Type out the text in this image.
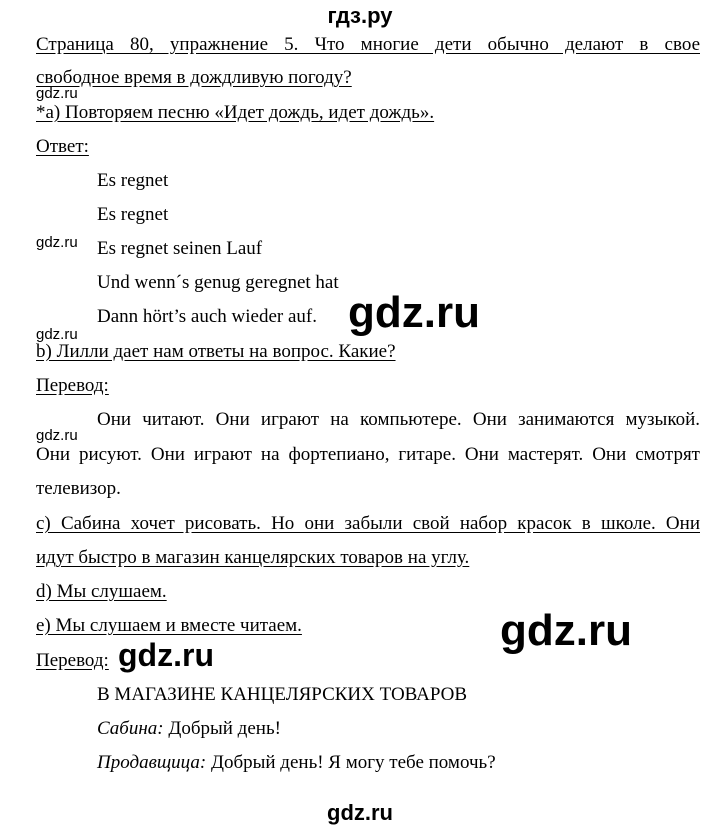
гдз.ру
Страница 80, упражнение 5. Что многие дети обычно делают в свое
свободное время в дождливую погоду?
gdz.ru
*a) Повторяем песню «Идет дождь, идет дождь».
Ответ:
Es regnet
Es regnet
gdz.ru Es regnet seinen Lauf
Und wenn´s genug geregnet hat
Dann hört’s auch wieder auf. gdz.ru
gdz.ru
b) Лилли дает нам ответы на вопрос. Какие?
Перевод:
Они читают. Они играют на компьютере. Они занимаются музыкой.
gdz.ru
Они рисуют. Они играют на фортепиано, гитаре. Они мастерят. Они смотрят
телевизор.
c) Сабина хочет рисовать. Но они забыли свой набор красок в школе. Они
идут быстро в магазин канцелярских товаров на углу.
d) Мы слушаем.
e) Мы слушаем и вместе читаем.	gdz.ru
Перевод: gdz.ru
В МАГАЗИНЕ КАНЦЕЛЯРСКИХ ТОВАРОВ
Сабина: Добрый день!
Продавщица: Добрый день! Я могу тебе помочь?
gdz.ru
